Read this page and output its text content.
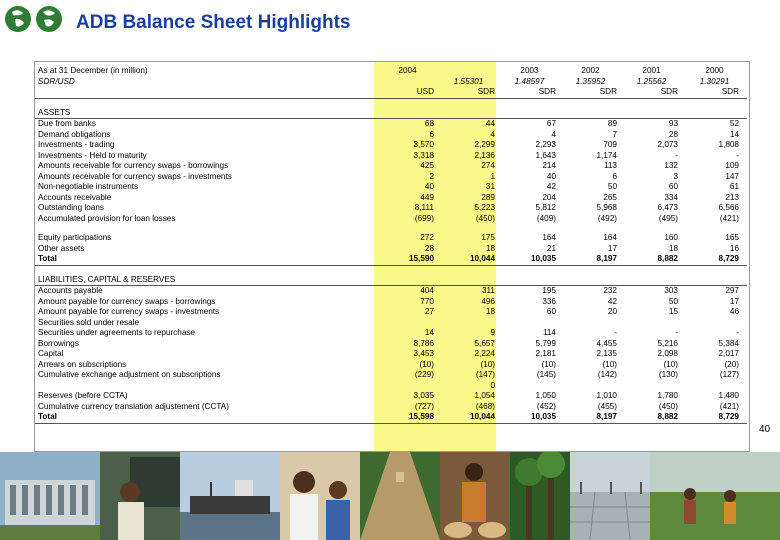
ADB Balance Sheet Highlights
As at 31 December (in million)	2004		2003	2002	2001	2000
SDR/USD		1.55301	1.48597	1.35952	1.25562	1.30291
	USD	SDR	SDR	SDR	SDR	SDR

ASSETS						
Due from banks	68	44	67	89	93	52
Demand obligations	6	4	4	7	28	14
Investments - trading	3,570	2,299	2,293	709	2,073	1,808
Investments - Held to maturity	3,318	2,136	1,643	1,174	-	-
Amounts receivable for currency swaps - borrowings	425	274	214	113	132	109
Amounts receivable for currency swaps - investments	2	1	40	6	3	147
Non-negotiable instruments	40	31	42	50	60	61
Accounts receivable	449	289	204	265	334	213
Outstanding loans	8,111	5,223	5,812	5,968	6,473	6,566
Accumulated provision for loan losses	(699)	(450)	(409)	(492)	(495)	(421)

Equity participations	272	175	164	164	160	165
Other assets	28	18	21	17	18	16
Total	15,590	10,044	10,035	8,197	8,882	8,729

LIABILITIES, CAPITAL & RESERVES						
Accounts payable	404	311	195	232	303	297
Amount payable for currency swaps - borrowings	770	496	336	42	50	17
Amount payable for currency swaps - investments	27	18	60	20	15	46
Securities sold under resale						
Securities under agreements to repurchase	14	9	114	-	-	-
Borrowings	8,786	5,657	5,799	4,455	5,216	5,384
Capital	3,453	2,224	2,181	2,135	2,098	2,017
Arrears on subscriptions	(10)	(10)	(10)	(10)	(10)	(20)
Cumulative exchange adjustment on subscriptions	(229)	(147)	(145)	(142)	(130)	(127)
		0				
Reserves (before CCTA)	3,035	1,054	1,050	1,010	1,780	1,480
Cumulative currency translation adjustement (CCTA)	(727)	(468)	(452)	(455)	(450)	(421)
Total	15,598	10,044	10,035	8,197	8,882	8,729
40
